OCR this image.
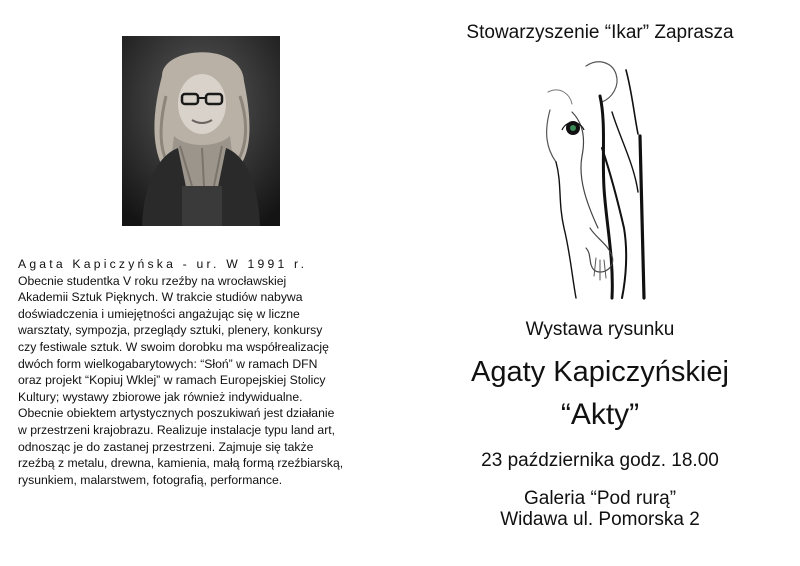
Agata Kapiczyńska - ur. W 1991 r.

Obecnie studentka V roku rzeźby na wrocławskiej

Akademii Sztuk Pięknych. W trakcie studiów nabywa

doświadczenia i umiejętności angażując się w liczne

warsztaty, sympozja, przeglądy sztuki, plenery, konkursy

czy festiwale sztuk. W swoim dorobku ma współrealizację

dwóch form wielkogabarytowych: “Słoń” w ramach DFN

oraz projekt “Kopiuj Wklej” w ramach Europejskiej Stolicy

Kultury; wystawy zbiorowe jak również indywidualne.

Obecnie obiektem artystycznych poszukiwań jest działanie

w przestrzeni krajobrazu. Realizuje instalacje typu land art,

odnosząc je do zastanej przestrzeni. Zajmuje się także

rzeźbą z metalu, drewna, kamienia, małą formą rzeźbiarską,

rysunkiem, malarstwem, fotografią, performance.

Stowarzyszenie “Ikar” Zaprasza
Wystawa rysunku
Agaty Kapiczyńskiej
“Akty”
23 października godz. 18.00
Galeria “Pod rurą”
Widawa ul. Pomorska 2
